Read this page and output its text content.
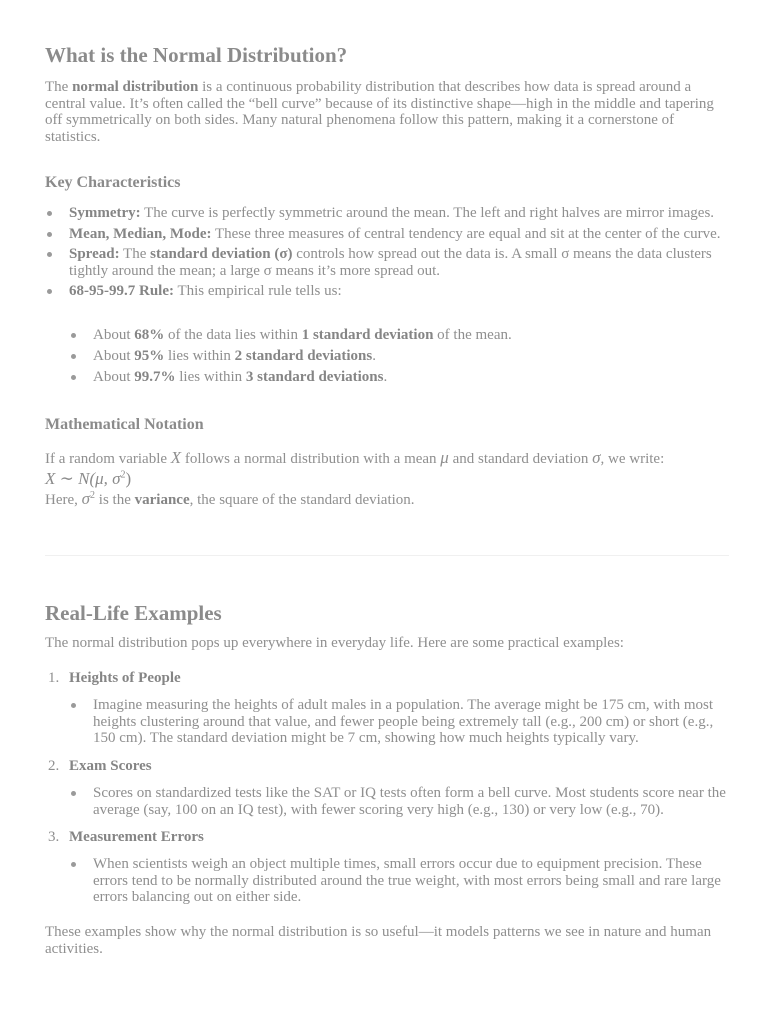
What is the Normal Distribution?

The normal distribution is a continuous probability distribution that describes how data is spread around a central value. It’s often called the “bell curve” because of its distinctive shape—high in the middle and tapering off symmetrically on both sides. Many natural phenomena follow this pattern, making it a cornerstone of statistics.

Key Characteristics
Symmetry: The curve is perfectly symmetric around the mean. The left and right halves are mirror images.
Mean, Median, Mode: These three measures of central tendency are equal and sit at the center of the curve.
Spread: The standard deviation (σ) controls how spread out the data is. A small σ means the data clusters tightly around the mean; a large σ means it’s more spread out.
68-95-99.7 Rule: This empirical rule tells us:
About 68% of the data lies within 1 standard deviation of the mean.
About 95% lies within 2 standard deviations.
About 99.7% lies within 3 standard deviations.
Mathematical Notation

If a random variable X follows a normal distribution with a mean μ and standard deviation σ, we write:

X ∼ N(μ, $\sigma^2$)

Here, $\sigma^2$ is the variance, the square of the standard deviation.

Real-Life Examples

The normal distribution pops up everywhere in everyday life. Here are some practical examples:

1. Heights of People
Imagine measuring the heights of adult males in a population. The average might be 175 cm, with most heights clustering around that value, and fewer people being extremely tall (e.g., 200 cm) or short (e.g., 150 cm). The standard deviation might be 7 cm, showing how much heights typically vary.
2. Exam Scores
Scores on standardized tests like the SAT or IQ tests often form a bell curve. Most students score near the average (say, 100 on an IQ test), with fewer scoring very high (e.g., 130) or very low (e.g., 70).
3. Measurement Errors
When scientists weigh an object multiple times, small errors occur due to equipment precision. These errors tend to be normally distributed around the true weight, with most errors being small and rare large errors balancing out on either side.

These examples show why the normal distribution is so useful—it models patterns we see in nature and human activities.
